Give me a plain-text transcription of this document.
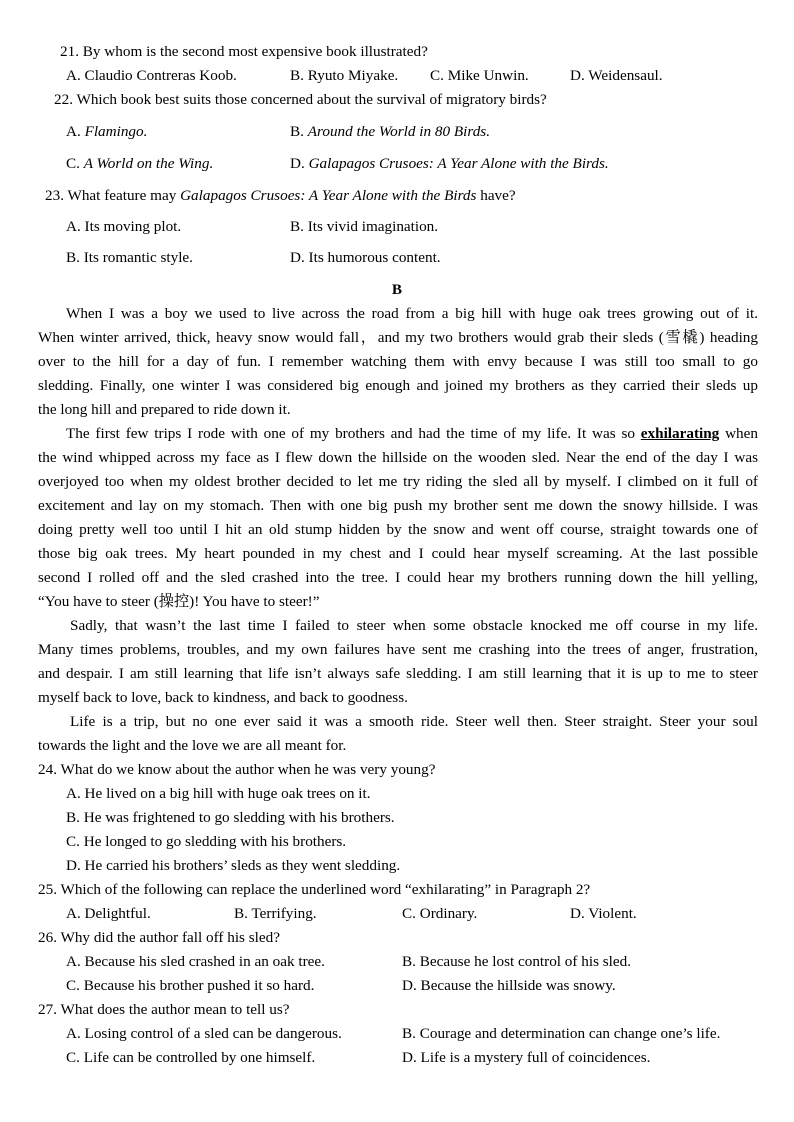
21. By whom is the second most expensive book illustrated?
A. Claudio Contreras Koob.	B. Ryuto Miyake. C. Mike Unwin.	D. Weidensaul.
22. Which book best suits those concerned about the survival of migratory birds?
A. Flamingo.	B. Around the World in 80 Birds.
C. A World on the Wing.	D. Galapagos Crusoes: A Year Alone with the Birds.
23. What feature may Galapagos Crusoes: A Year Alone with the Birds have?
A. Its moving plot.	B. Its vivid imagination.
B. Its romantic style.	D. Its humorous content.
B
When I was a boy we used to live across the road from a big hill with huge oak trees growing out of it.
When winter arrived, thick, heavy snow would fall，and my two brothers would grab their sleds (雪橇) heading
over to the hill for a day of fun. I remember watching them with envy because I was still too small to go
sledding. Finally, one winter I was considered big enough and joined my brothers as they carried their sleds up
the long hill and prepared to ride down it.
The first few trips I rode with one of my brothers and had the time of my life. It was so exhilarating when
the wind whipped across my face as I flew down the hillside on the wooden sled. Near the end of the day I was
overjoyed too when my oldest brother decided to let me try riding the sled all by myself. I climbed on it full of
excitement and lay on my stomach. Then with one big push my brother sent me down the snowy hillside. I was
doing pretty well too until I hit an old stump hidden by the snow and went off course, straight towards one of
those big oak trees. My heart pounded in my chest and I could hear myself screaming. At the last possible
second I rolled off and the sled crashed into the tree. I could hear my brothers running down the hill yelling,
“You have to steer (操控)! You have to steer!”
Sadly, that wasn’t the last time I failed to steer when some obstacle knocked me off course in my life.
Many times problems, troubles, and my own failures have sent me crashing into the trees of anger, frustration,
and despair. I am still learning that life isn’t always safe sledding. I am still learning that it is up to me to steer
myself back to love, back to kindness, and back to goodness.
Life is a trip, but no one ever said it was a smooth ride. Steer well then. Steer straight. Steer your soul
towards the light and the love we are all meant for.
24. What do we know about the author when he was very young?
A. He lived on a big hill with huge oak trees on it.
B. He was frightened to go sledding with his brothers.
C. He longed to go sledding with his brothers.
D. He carried his brothers’ sleds as they went sledding.
25. Which of the following can replace the underlined word “exhilarating” in Paragraph 2?
A. Delightful.	B. Terrifying.	C. Ordinary.	D. Violent.
26. Why did the author fall off his sled?
A. Because his sled crashed in an oak tree.	B. Because he lost control of his sled.
C. Because his brother pushed it so hard.	D. Because the hillside was snowy.
27. What does the author mean to tell us?
A. Losing control of a sled can be dangerous.	B. Courage and determination can change one’s life.
C. Life can be controlled by one himself.	D. Life is a mystery full of coincidences.
